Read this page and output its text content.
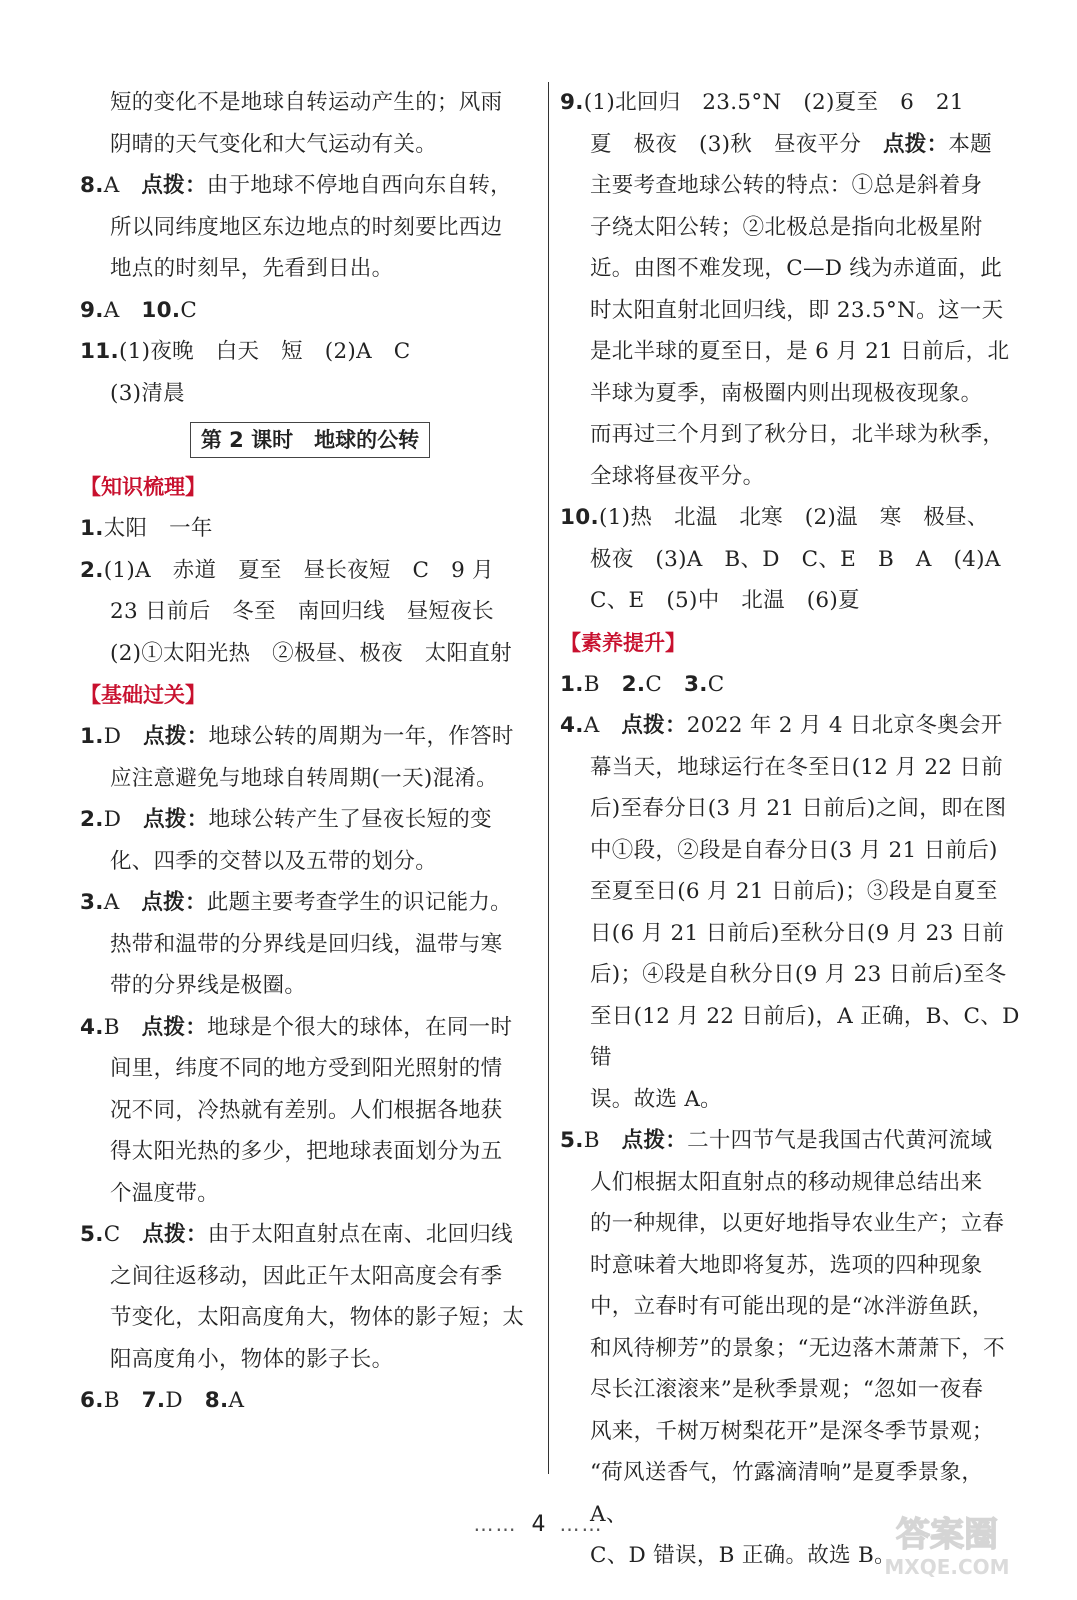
短的变化不是地球自转运动产生的；风雨
阴晴的天气变化和大气运动有关。
8.A　 点拨：由于地球不停地自西向东自转，
所以同纬度地区东边地点的时刻要比西边
地点的时刻早，先看到日出。
9.A　 10.C
11.(1)夜晚　白天　短　(2)A　C
(3)清晨
第 2 课时　地球的公转
【知识梳理】
1.太阳　一年
2.(1)A　赤道　夏至　昼长夜短　C　9 月
23 日前后　冬至　南回归线　昼短夜长
(2)①太阳光热　②极昼、极夜　太阳直射
【基础过关】
1.D　 点拨：地球公转的周期为一年，作答时
应注意避免与地球自转周期(一天)混淆。
2.D　 点拨：地球公转产生了昼夜长短的变
化、四季的交替以及五带的划分。
3.A　 点拨：此题主要考查学生的识记能力。
热带和温带的分界线是回归线，温带与寒
带的分界线是极圈。
4.B　 点拨：地球是个很大的球体，在同一时
间里，纬度不同的地方受到阳光照射的情
况不同，冷热就有差别。人们根据各地获
得太阳光热的多少，把地球表面划分为五
个温度带。
5.C　 点拨：由于太阳直射点在南、北回归线
之间往返移动，因此正午太阳高度会有季
节变化，太阳高度角大，物体的影子短；太
阳高度角小，物体的影子长。
6.B　 7.D　 8.A
9.(1)北回归　23.5°N　(2)夏至　6　21
夏　极夜　(3)秋　昼夜平分　点拨：本题
主要考查地球公转的特点：①总是斜着身
子绕太阳公转；②北极总是指向北极星附
近。由图不难发现，C—D 线为赤道面，此
时太阳直射北回归线，即 23.5°N。这一天
是北半球的夏至日，是 6 月 21 日前后，北
半球为夏季，南极圈内则出现极夜现象。
而再过三个月到了秋分日，北半球为秋季，
全球将昼夜平分。
10.(1)热　北温　北寒　(2)温　寒　极昼、
极夜　(3)A　B、D　C、E　B　A　(4)A
C、E　(5)中　北温　(6)夏
【素养提升】
1.B　 2.C　 3.C
4.A　 点拨：2022 年 2 月 4 日北京冬奥会开
幕当天，地球运行在冬至日(12 月 22 日前
后)至春分日(3 月 21 日前后)之间，即在图
中①段，②段是自春分日(3 月 21 日前后)
至夏至日(6 月 21 日前后)；③段是自夏至
日(6 月 21 日前后)至秋分日(9 月 23 日前
后)；④段是自秋分日(9 月 23 日前后)至冬
至日(12 月 22 日前后)，A 正确，B、C、D 错
误。故选 A。
5.B　 点拨：二十四节气是我国古代黄河流域
人们根据太阳直射点的移动规律总结出来
的一种规律，以更好地指导农业生产；立春
时意味着大地即将复苏，选项的四种现象
中，立春时有可能出现的是“冰泮游鱼跃，
和风待柳芳”的景象；“无边落木萧萧下，不
尽长江滚滚来”是秋季景观；“忽如一夜春
风来，千树万树梨花开”是深冬季节景观；
“荷风送香气，竹露滴清响”是夏季景象，A、
C、D 错误，B 正确。故选 B。
…… 4 ……	答案圈
MXQE.COM
